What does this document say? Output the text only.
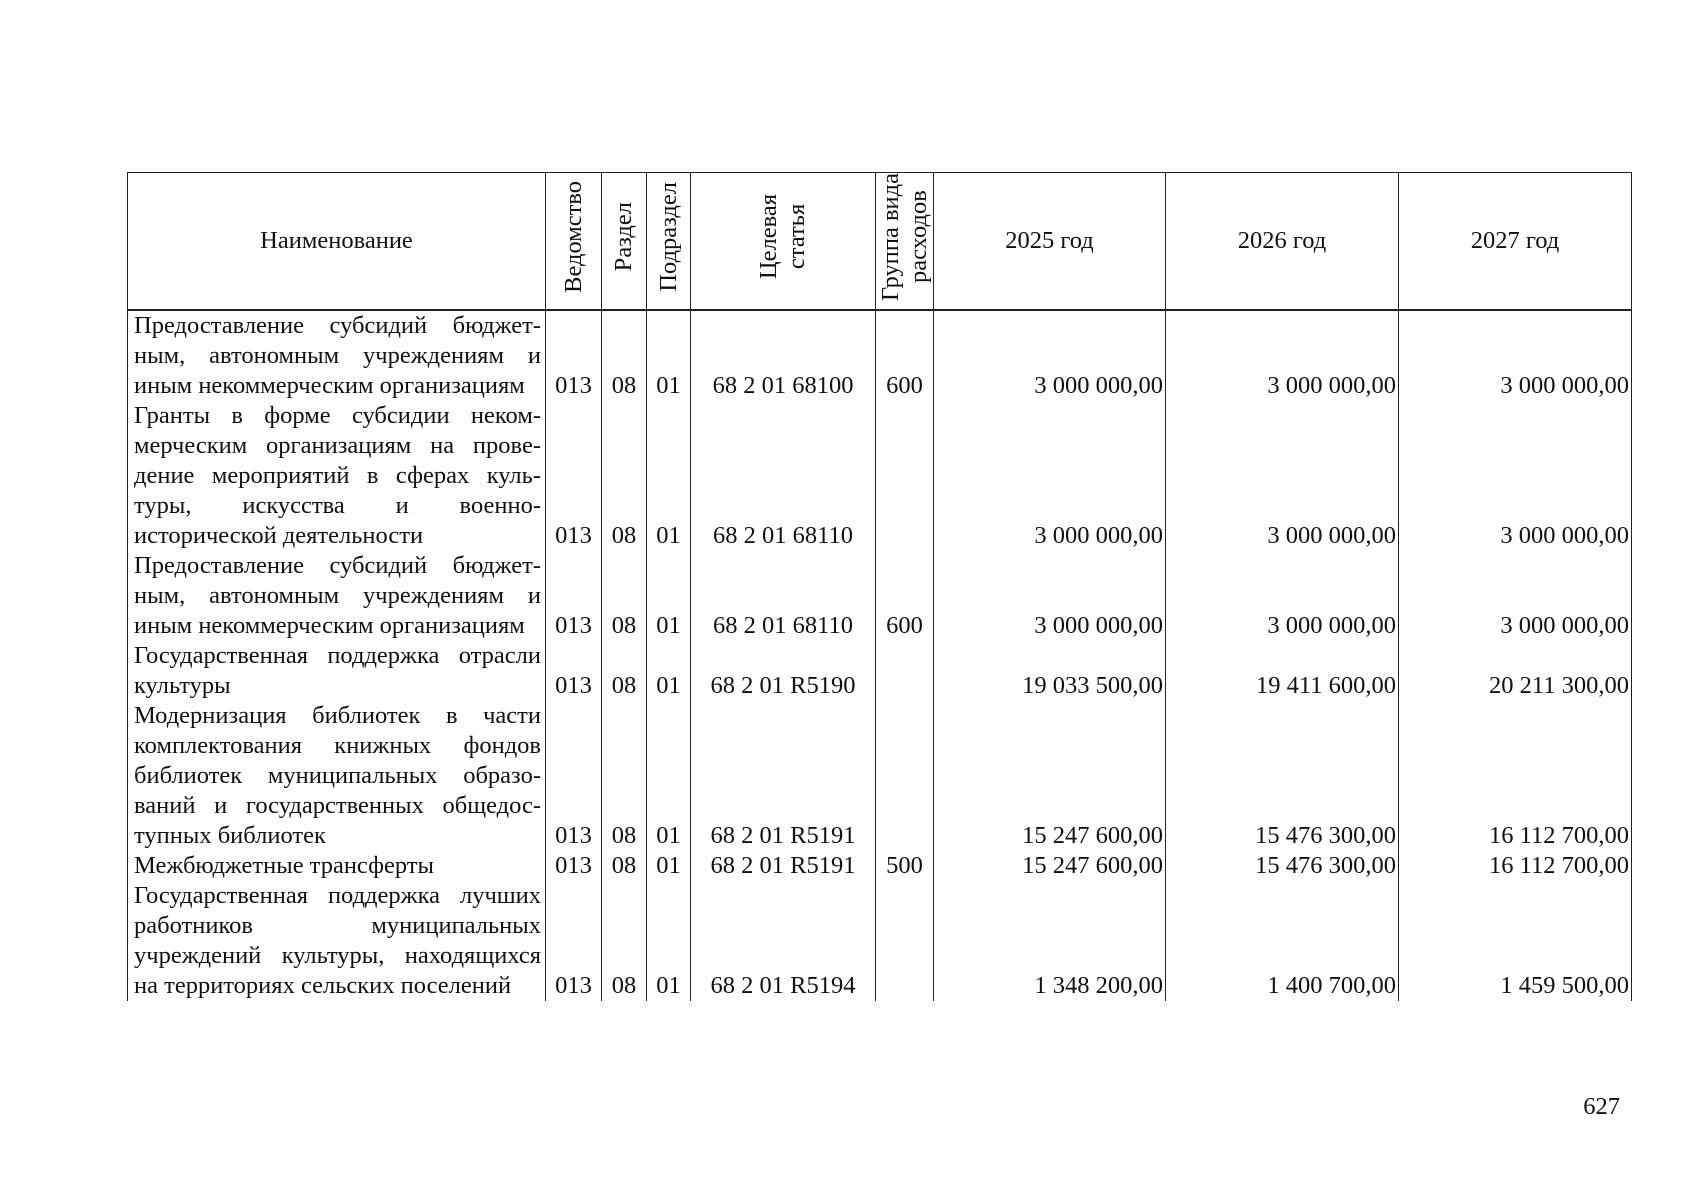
Наименование	Ведомство	Раздел	Подраздел	Целевая статья	Группа вида расходов	2025 год	2026 год	2027 год
Предоставление субсидий бюджетным, автономным учреждениям и иным некоммерческим организациям	013	08	01	68 2 01 68100	600	3 000 000,00	3 000 000,00	3 000 000,00
Гранты в форме субсидии некоммерческим организациям на проведение мероприятий в сферах культуры, искусства и военно-исторической деятельности	013	08	01	68 2 01 68110		3 000 000,00	3 000 000,00	3 000 000,00
Предоставление субсидий бюджетным, автономным учреждениям и иным некоммерческим организациям	013	08	01	68 2 01 68110	600	3 000 000,00	3 000 000,00	3 000 000,00
Государственная поддержка отрасли культуры	013	08	01	68 2 01 R5190		19 033 500,00	19 411 600,00	20 211 300,00
Модернизация библиотек в части комплектования книжных фондов библиотек муниципальных образований и государственных общедоступных библиотек	013	08	01	68 2 01 R5191		15 247 600,00	15 476 300,00	16 112 700,00
Межбюджетные трансферты	013	08	01	68 2 01 R5191	500	15 247 600,00	15 476 300,00	16 112 700,00
Государственная поддержка лучших работников муниципальных учреждений культуры, находящихся на территориях сельских поселений	013	08	01	68 2 01 R5194		1 348 200,00	1 400 700,00	1 459 500,00
627
